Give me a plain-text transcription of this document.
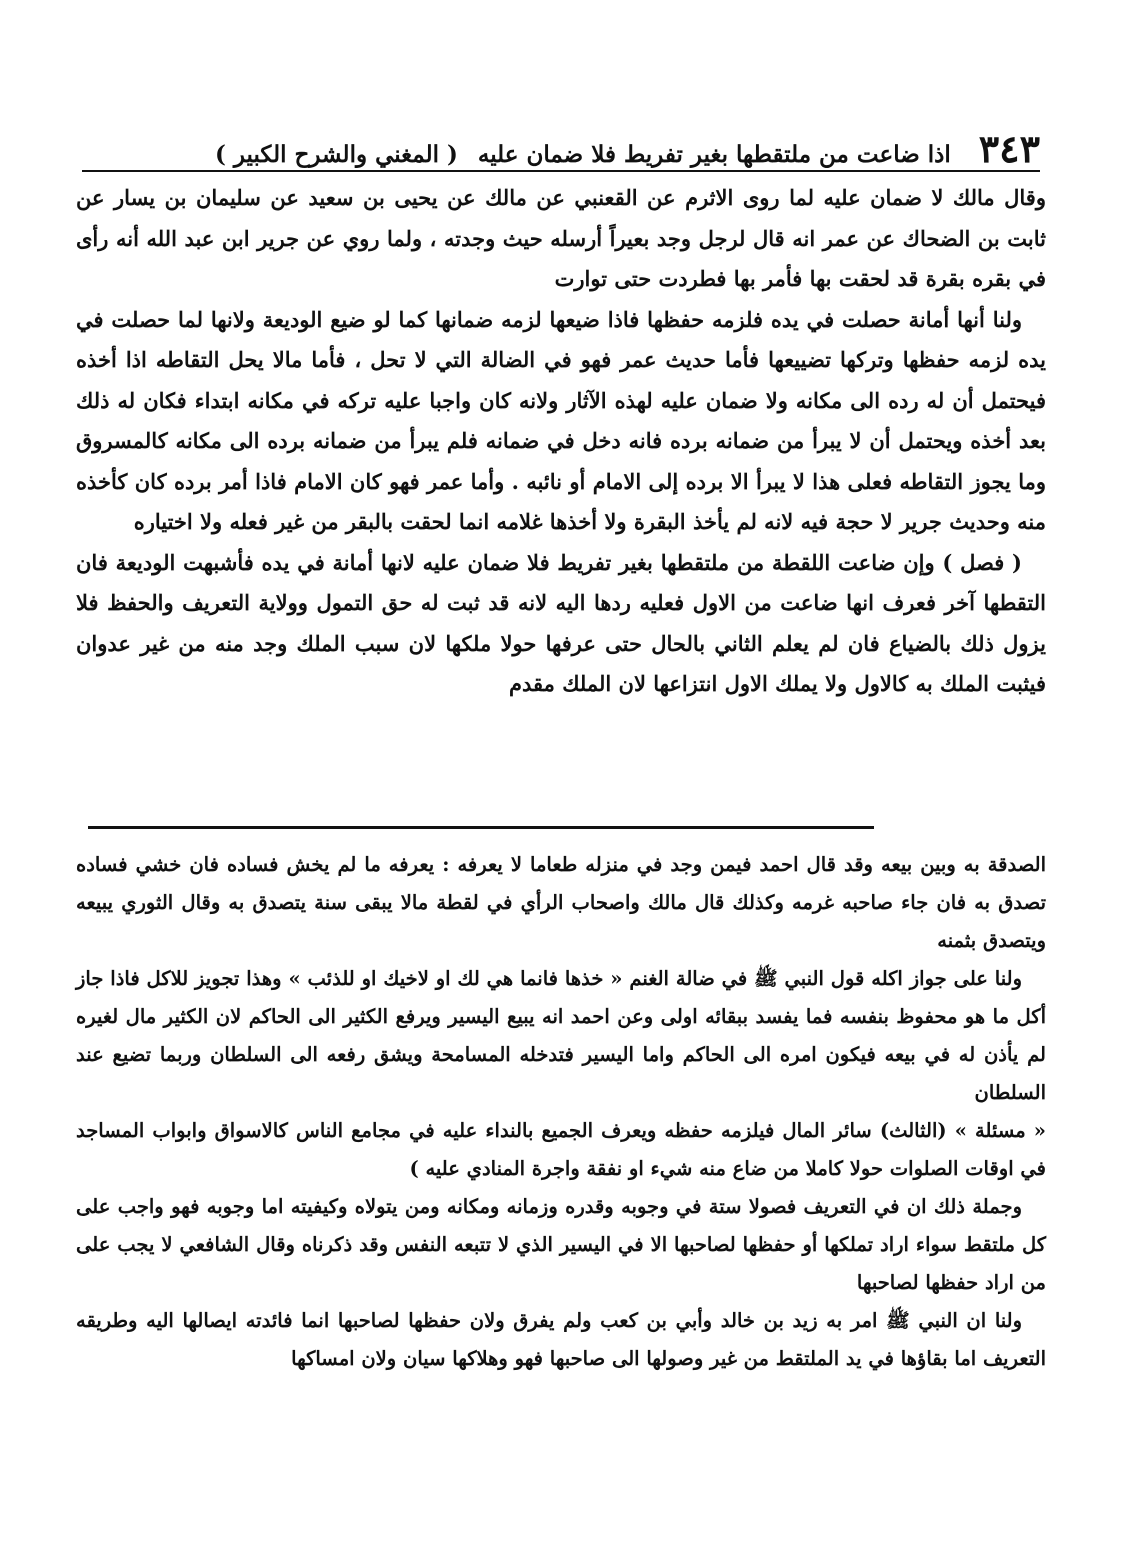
٣٤٣
اذا ضاعت من ملتقطها بغير تفريط فلا ضمان عليه
( المغني والشرح الكبير )

وقال مالك لا ضمان عليه لما روى الاثرم عن القعنبي عن مالك عن يحيى بن سعيد عن سليمان بن يسار عن ثابت بن الضحاك عن عمر انه قال لرجل وجد بعيراً أرسله حيث وجدته ، ولما روي عن جرير ابن عبد الله أنه رأى في بقره بقرة قد لحقت بها فأمر بها فطردت حتى توارت

ولنا أنها أمانة حصلت في يده فلزمه حفظها فاذا ضيعها لزمه ضمانها كما لو ضيع الوديعة ولانها لما حصلت في يده لزمه حفظها وتركها تضييعها فأما حديث عمر فهو في الضالة التي لا تحل ، فأما مالا يحل التقاطه اذا أخذه فيحتمل أن له رده الى مكانه ولا ضمان عليه لهذه الآثار ولانه كان واجبا عليه تركه في مكانه ابتداء فكان له ذلك بعد أخذه ويحتمل أن لا يبرأ من ضمانه برده فانه دخل في ضمانه فلم يبرأ من ضمانه برده الى مكانه كالمسروق وما يجوز التقاطه فعلى هذا لا يبرأ الا برده إلى الامام أو نائبه . وأما عمر فهو كان الامام فاذا أمر برده كان كأخذه منه وحديث جرير لا حجة فيه لانه لم يأخذ البقرة ولا أخذها غلامه انما لحقت بالبقر من غير فعله ولا اختياره

( فصل ) وإن ضاعت اللقطة من ملتقطها بغير تفريط فلا ضمان عليه لانها أمانة في يده فأشبهت الوديعة فان التقطها آخر فعرف انها ضاعت من الاول فعليه ردها اليه لانه قد ثبت له حق التمول وولاية التعريف والحفظ فلا يزول ذلك بالضياع فان لم يعلم الثاني بالحال حتى عرفها حولا ملكها لان سبب الملك وجد منه من غير عدوان فيثبت الملك به كالاول ولا يملك الاول انتزاعها لان الملك مقدم

الصدقة به وبين بيعه وقد قال احمد فيمن وجد في منزله طعاما لا يعرفه : يعرفه ما لم يخش فساده فان خشي فساده تصدق به فان جاء صاحبه غرمه وكذلك قال مالك واصحاب الرأي في لقطة مالا يبقى سنة يتصدق به وقال الثوري يبيعه ويتصدق بثمنه

ولنا على جواز اكله قول النبي ﷺ في ضالة الغنم « خذها فانما هي لك او لاخيك او للذئب » وهذا تجويز للاكل فاذا جاز أكل ما هو محفوظ بنفسه فما يفسد ببقائه اولى وعن احمد انه يبيع اليسير ويرفع الكثير الى الحاكم لان الكثير مال لغيره لم يأذن له في بيعه فيكون امره الى الحاكم واما اليسير فتدخله المسامحة ويشق رفعه الى السلطان وربما تضيع عند السلطان

« مسئلة » (الثالث) سائر المال فيلزمه حفظه ويعرف الجميع بالنداء عليه في مجامع الناس كالاسواق وابواب المساجد في اوقات الصلوات حولا كاملا من ضاع منه شيء او نفقة واجرة المنادي عليه )

وجملة ذلك ان في التعريف فصولا ستة في وجوبه وقدره وزمانه ومكانه ومن يتولاه وكيفيته اما وجوبه فهو واجب على كل ملتقط سواء اراد تملكها أو حفظها لصاحبها الا في اليسير الذي لا تتبعه النفس وقد ذكرناه وقال الشافعي لا يجب على من اراد حفظها لصاحبها

ولنا ان النبي ﷺ امر به زيد بن خالد وأبي بن كعب ولم يفرق ولان حفظها لصاحبها انما فائدته ايصالها اليه وطريقه التعريف اما بقاؤها في يد الملتقط من غير وصولها الى صاحبها فهو وهلاكها سيان ولان امساكها
